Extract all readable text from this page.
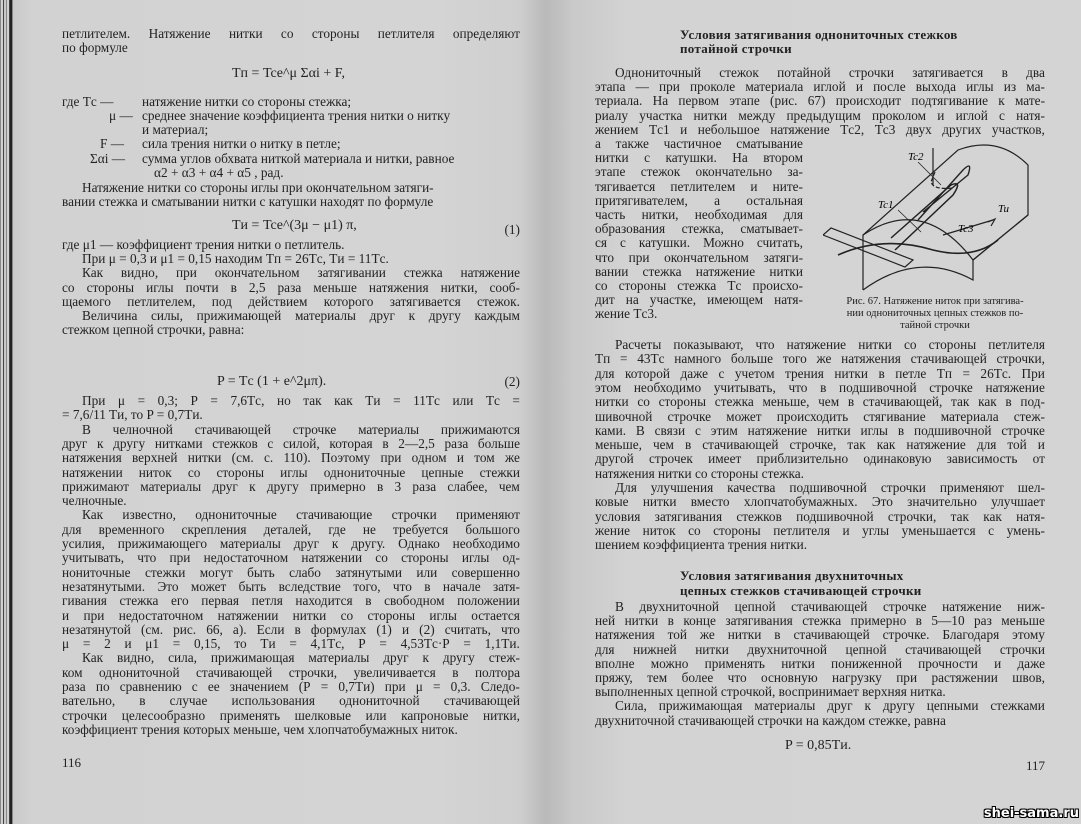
петлителем. Натяжение нитки со стороны петлителя определяют
по формуле
Tп = Tcе^μ Σαi + F,
где Tс — натяжение нитки со стороны стежка;
μ — среднее значение коэффициента трения нитки о нитку
и материал;
F — сила трения нитки о нитку в петле;
Σαi — сумма углов обхвата ниткой материала и нитки, равное
α2 + α3 + α4 + α5 , рад.
Натяжение нитки со стороны иглы при окончательном затяги-
вании стежка и сматывании нитки с катушки находят по формуле
Tи = Tcе^(3μ − μ1) π,	(1)
где μ1 — коэффициент трения нитки о петлитель.
При μ = 0,3 и μ1 = 0,15 находим Tп = 26Tс, Tи = 11Tс.
Как видно, при окончательном затягивании стежка натяжение
со стороны иглы почти в 2,5 раза меньше натяжения нитки, сооб-
щаемого петлителем, под действием которого затягивается стежок.
Величина силы, прижимающей материалы друг к другу каждым
стежком цепной строчки, равна:
P = Tс (1 + е^2μπ).	(2)
При μ = 0,3; P = 7,6Tс, но так как Tи = 11Tс или Tс =
= 7,6/11 Tи, то P = 0,7Tи.
В челночной стачивающей строчке материалы прижимаются
друг к другу нитками стежков с силой, которая в 2—2,5 раза больше
натяжения верхней нитки (см. с. 110). Поэтому при одном и том же
натяжении ниток со стороны иглы однониточные цепные стежки
прижимают материалы друг к другу примерно в 3 раза слабее, чем
челночные.
Как известно, однониточные стачивающие строчки применяют
для временного скрепления деталей, где не требуется большого
усилия, прижимающего материалы друг к другу. Однако необходимо
учитывать, что при недостаточном натяжении со стороны иглы од-
нониточные стежки могут быть слабо затянутыми или совершенно
незатянутыми. Это может быть вследствие того, что в начале затя-
гивания стежка его первая петля находится в свободном положении
и при недостаточном натяжении нитки со стороны иглы остается
незатянутой (см. рис. 66, а). Если в формулах (1) и (2) считать, что
μ = 2 и μ1 = 0,15, то Tи = 4,1Tс, P = 4,53Tс·P = 1,1Tи.
Как видно, сила, прижимающая материалы друг к другу стеж-
ком однониточной стачивающей строчки, увеличивается в полтора
раза по сравнению с ее значением (P = 0,7Tи) при μ = 0,3. Следо-
вательно, в случае использования однониточной стачивающей
строчки целесообразно применять шелковые или капроновые нитки,
коэффициент трения которых меньше, чем хлопчатобумажных ниток.
116
Условия затягивания однониточных стежков
потайной строчки
Однониточный стежок потайной строчки затягивается в два
этапа — при проколе материала иглой и после выхода иглы из ма-
териала. На первом этапе (рис. 67) происходит подтягивание к мате-
риалу участка нитки между предыдущим проколом и иглой с натя-
жением Tс1 и небольшое натяжение Tс2, Tс3 двух других участков,
а также частичное сматывание
нитки с катушки. На втором
этапе стежок окончательно за-
тягивается петлителем и ните-
притягивателем, а остальная
часть нитки, необходимая для
образования стежка, сматывает-
ся с катушки. Можно считать,
что при окончательном затяги-
вании стежка натяжение нитки
со стороны стежка Tс происхо-
дит на участке, имеющем натя-
жение Tс3.
Tc2
Tc1
Tc3
Tu
Рис. 67. Натяжение ниток при затягива-
нии однониточных цепных стежков по-
тайной строчки
Расчеты показывают, что натяжение нитки со стороны петлителя
Tп = 43Tс намного больше того же натяжения стачивающей строчки,
для которой даже с учетом трения нитки в петле Tп = 26Tс. При
этом необходимо учитывать, что в подшивочной строчке натяжение
нитки со стороны стежка меньше, чем в стачивающей, так как в под-
шивочной строчке может происходить стягивание материала стеж-
ками. В связи с этим натяжение нитки иглы в подшивочной строчке
меньше, чем в стачивающей строчке, так как натяжение для той и
другой строчек имеет приблизительно одинаковую зависимость от
натяжения нитки со стороны стежка.
Для улучшения качества подшивочной строчки применяют шел-
ковые нитки вместо хлопчатобумажных. Это значительно улучшает
условия затягивания стежков подшивочной строчки, так как натя-
жение ниток со стороны петлителя и углы уменьшается с умень-
шением коэффициента трения нитки.
Условия затягивания двухниточных
цепных стежков стачивающей строчки
В двухниточной цепной стачивающей строчке натяжение ниж-
ней нитки в конце затягивания стежка примерно в 5—10 раз меньше
натяжения той же нитки в стачивающей строчке. Благодаря этому
для нижней нитки двухниточной цепной стачивающей строчки
вполне можно применять нитки пониженной прочности и даже
пряжу, тем более что основную нагрузку при растяжении швов,
выполненных цепной строчкой, воспринимает верхняя нитка.
Сила, прижимающая материалы друг к другу цепными стежками
двухниточной стачивающей строчки на каждом стежке, равна
P = 0,85Tи.
117
shei-sama.ru
